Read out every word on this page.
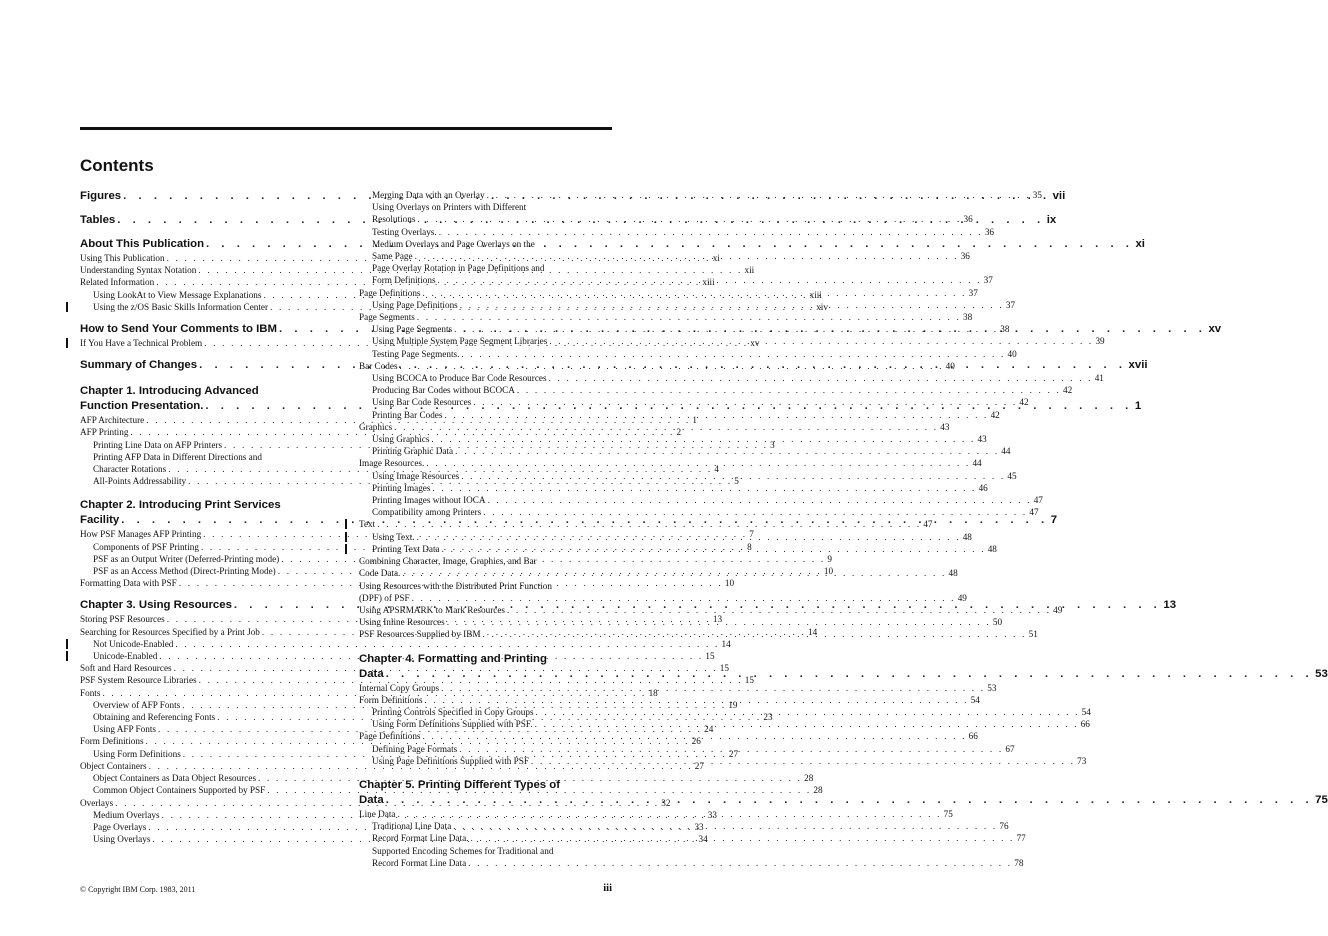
Contents
Figures . . .	vii
Tables . . .	ix
About This Publication . . .	xi
Using This Publication . . .	xi
Understanding Syntax Notation . . .	xii
Related Information . . .	xiii
Using LookAt to View Message Explanations . . .	xiii
Using the z/OS Basic Skills Information Center . . .	xiv
How to Send Your Comments to IBM . . .	xv
If You Have a Technical Problem . . .	xv
Summary of Changes . . .	xvii
Chapter 1. Introducing Advanced
Function Presentation. . . .	1
AFP Architecture . . .	1
AFP Printing . . .	2
Printing Line Data on AFP Printers . . .	3
Printing AFP Data in Different Directions and
Character Rotations . . .	4
All-Points Addressability . . .	5
Chapter 2. Introducing Print Services
Facility . . .	7
How PSF Manages AFP Printing . . .	7
Components of PSF Printing . . .	8
PSF as an Output Writer (Deferred-Printing mode) . . .	9
PSF as an Access Method (Direct-Printing Mode) . . .	10
Formatting Data with PSF . . .	10
Chapter 3. Using Resources . . .	13
Storing PSF Resources . . .	13
Searching for Resources Specified by a Print Job . . .	14
Not Unicode-Enabled . . .	14
Unicode-Enabled . . .	15
Soft and Hard Resources . . .	15
PSF System Resource Libraries . . .	15
Fonts . . .	18
Overview of AFP Fonts . . .	19
Obtaining and Referencing Fonts . . .	23
Using AFP Fonts . . .	24
Form Definitions . . .	26
Using Form Definitions . . .	27
Object Containers . . .	27
Object Containers as Data Object Resources . . .	28
Common Object Containers Supported by PSF . . .	28
Overlays . . .	32
Medium Overlays . . .	33
Page Overlays . . .	33
Using Overlays . . .	34
Merging Data with an Overlay . . .	35
Using Overlays on Printers with Different
Resolutions . . .	36
Testing Overlays. . . .	36
Medium Overlays and Page Overlays on the
Same Page . . .	36
Page Overlay Rotation in Page Definitions and
Form Definitions . . .	37
Page Definitions . . .	37
Using Page Definitions . . .	37
Page Segments . . .	38
Using Page Segments . . .	38
Using Multiple System Page Segment Libraries . . .	39
Testing Page Segments. . . .	40
Bar Codes . . .	40
Using BCOCA to Produce Bar Code Resources . . .	41
Producing Bar Codes without BCOCA . . .	42
Using Bar Code Resources . . .	42
Printing Bar Codes . . .	42
Graphics . . .	43
Using Graphics . . .	43
Printing Graphic Data . . .	44
Image Resources. . . .	44
Using Image Resources . . .	45
Printing Images . . .	46
Printing Images without IOCA . . .	47
Compatibility among Printers . . .	47
Text . . .	47
Using Text. . . .	48
Printing Text Data . . .	48
Combining Character, Image, Graphics, and Bar
Code Data. . . .	48
Using Resources with the Distributed Print Function
(DPF) of PSF . . .	49
Using APSRMARK to Mark Resources . . .	49
Using Inline Resources . . .	50
PSF Resources Supplied by IBM . . .	51
Chapter 4. Formatting and Printing
Data . . .	53
Internal Copy Groups . . .	53
Form Definitions . . .	54
Printing Controls Specified in Copy Groups . . .	54
Using Form Definitions Supplied with PSF. . . .	66
Page Definitions . . .	66
Defining Page Formats . . .	67
Using Page Definitions Supplied with PSF . . .	73
Chapter 5. Printing Different Types of
Data . . .	75
Line Data . . .	75
Traditional Line Data . . .	76
Record Format Line Data. . . .	77
Supported Encoding Schemes for Traditional and
Record Format Line Data . . .	78
© Copyright IBM Corp. 1983, 2011	iii
